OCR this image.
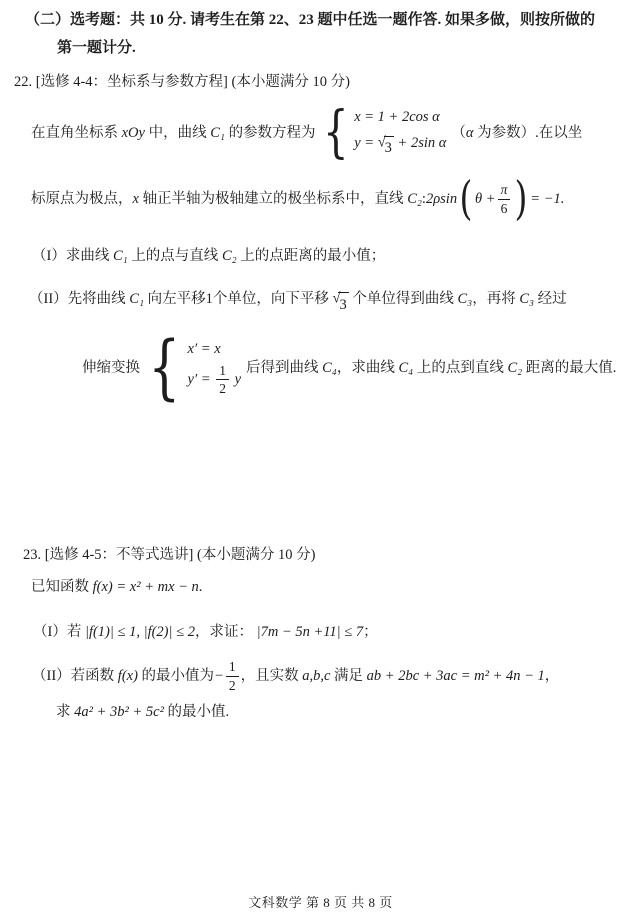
（二）选考题：共 10 分. 请考生在第 22、23 题中任选一题作答. 如果多做，则按所做的
第一题计分.
22. [选修 4-4：坐标系与参数方程] (本小题满分 10 分)
在直角坐标系 xOy 中，曲线 C₁ 的参数方程为 { x = 1 + 2cos α
y = √ 3 + 2sin α
（ α 为参数）.在以坐
标原点为极点， x 轴正半轴为极轴建立的极坐标系中，直线 C₂ : 2ρsin ( $\theta + \frac{\pi}{6}$ ) = −1.
（I）求曲线 C₁ 上的点与直线 C₂ 上的点距离的最小值；
（II）先将曲线 C₁ 向左平移1个单位，向下平移 √ 3 个单位得到曲线 C₃，再将 C₃ 经过
伸缩变换 { x′ = x
$y' = \frac{1}{2}$ y
后得到曲线 C₄ ，求曲线 C₄ 上的点到直线 C₂ 距离的最大值.
23. [选修 4-5：不等式选讲] (本小题满分 10 分)
已知函数 f(x) = x² + mx − n.
（I）若 |f(1)| ≤ 1, |f(2)| ≤ 2，求证： |7m − 5n +11| ≤ 7；
（II）若函数 f(x) 的最小值为 − $\frac{1}{2}$ ，且实数 a,b,c 满足 ab + 2bc + 3ac = m² + 4n − 1 ，
求 4a² + 3b² + 5c² 的最小值.
文科数学 第 8 页 共 8 页
